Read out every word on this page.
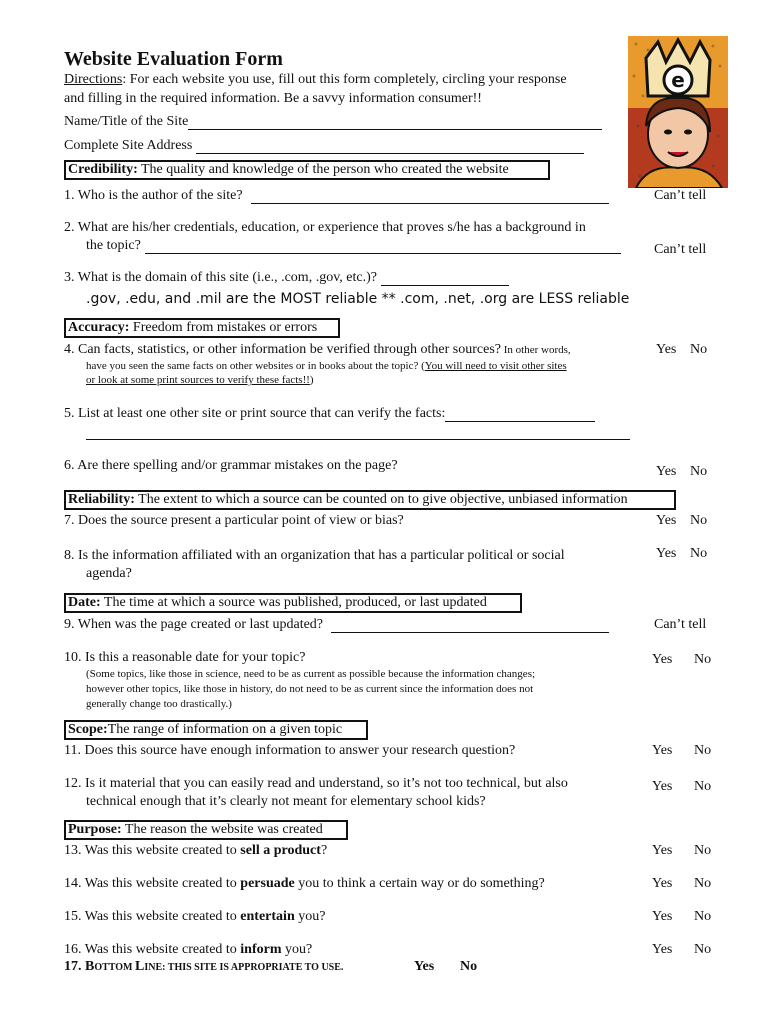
Website Evaluation Form
Directions: For each website you use, fill out this form completely, circling your response
and filling in the required information. Be a savvy information consumer!!
Name/Title of the Site
Complete Site Address
e
Credibility: The quality and knowledge of the person who created the website
1. Who is the author of the site?	Can’t tell
2. What are his/her credentials, education, or experience that proves s/he has a background in
the topic?	Can’t tell
3. What is the domain of this site (i.e., .com, .gov, etc.)?
.gov, .edu, and .mil are the MOST reliable ** .com, .net, .org are LESS reliable
Accuracy: Freedom from mistakes or errors
4. Can facts, statistics, or other information be verified through other sources? In other words,	Yes No
have you seen the same facts on other websites or in books about the topic? (You will need to visit other sites
or look at some print sources to verify these facts!!)
5. List at least one other site or print source that can verify the facts:
6. Are there spelling and/or grammar mistakes on the page?	Yes No
Reliability: The extent to which a source can be counted on to give objective, unbiased information
7. Does the source present a particular point of view or bias?	Yes No
8. Is the information affiliated with an organization that has a particular political or social
agenda?
Yes No
Date: The time at which a source was published, produced, or last updated
9. When was the page created or last updated?	Can’t tell
10. Is this a reasonable date for your topic?	Yes No
(Some topics, like those in science, need to be as current as possible because the information changes;
however other topics, like those in history, do not need to be as current since the information does not
generally change too drastically.)
Scope:The range of information on a given topic
11. Does this source have enough information to answer your research question?	Yes No
12. Is it material that you can easily read and understand, so it’s not too technical, but also
technical enough that it’s clearly not meant for elementary school kids?
Yes No
Purpose: The reason the website was created
13. Was this website created to sell a product?	Yes No
14. Was this website created to persuade you to think a certain way or do something?	Yes No
15. Was this website created to entertain you?	Yes No
16. Was this website created to inform you?	Yes No
17. BOTTOM LINE: THIS SITE IS APPROPRIATE TO USE.	Yes No
